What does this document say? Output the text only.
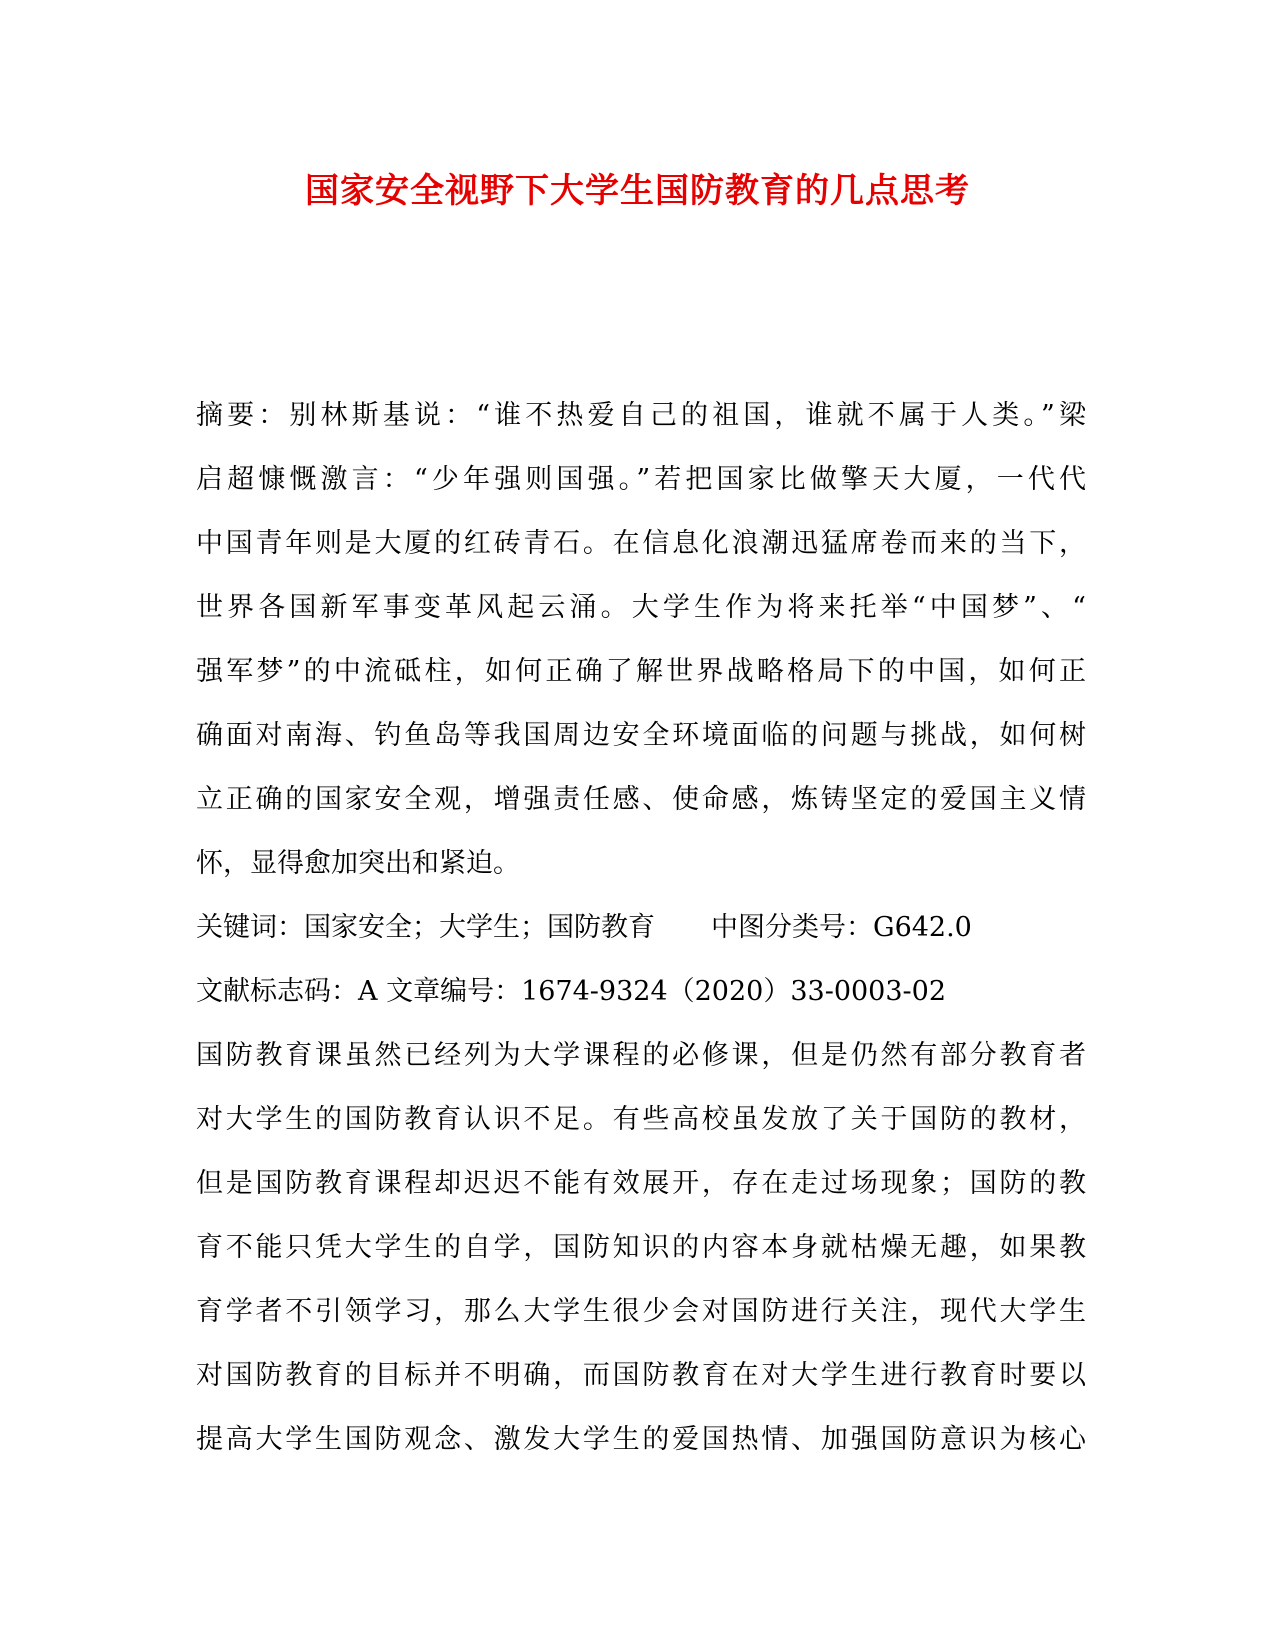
国家安全视野下大学生国防教育的几点思考
摘要：别林斯基说：“谁不热爱自己的祖国，谁就不属于人类。”梁
启超慷慨激言：“少年强则国强。”若把国家比做擎天大厦，一代代
中国青年则是大厦的红砖青石。在信息化浪潮迅猛席卷而来的当下，
世界各国新军事变革风起云涌。大学生作为将来托举“中国梦”、“
强军梦”的中流砥柱，如何正确了解世界战略格局下的中国，如何正
确面对南海、钓鱼岛等我国周边安全环境面临的问题与挑战，如何树
立正确的国家安全观，增强责任感、使命感，炼铸坚定的爱国主义情
怀，显得愈加突出和紧迫。
关键词：国家安全；大学生；国防教育 中图分类号：G642.0
文献标志码：A 文章编号：1674-9324（2020）33-0003-02
国防教育课虽然已经列为大学课程的必修课，但是仍然有部分教育者
对大学生的国防教育认识不足。有些高校虽发放了关于国防的教材，
但是国防教育课程却迟迟不能有效展开，存在走过场现象；国防的教
育不能只凭大学生的自学，国防知识的内容本身就枯燥无趣，如果教
育学者不引领学习，那么大学生很少会对国防进行关注，现代大学生
对国防教育的目标并不明确，而国防教育在对大学生进行教育时要以
提高大学生国防观念、激发大学生的爱国热情、加强国防意识为核心
